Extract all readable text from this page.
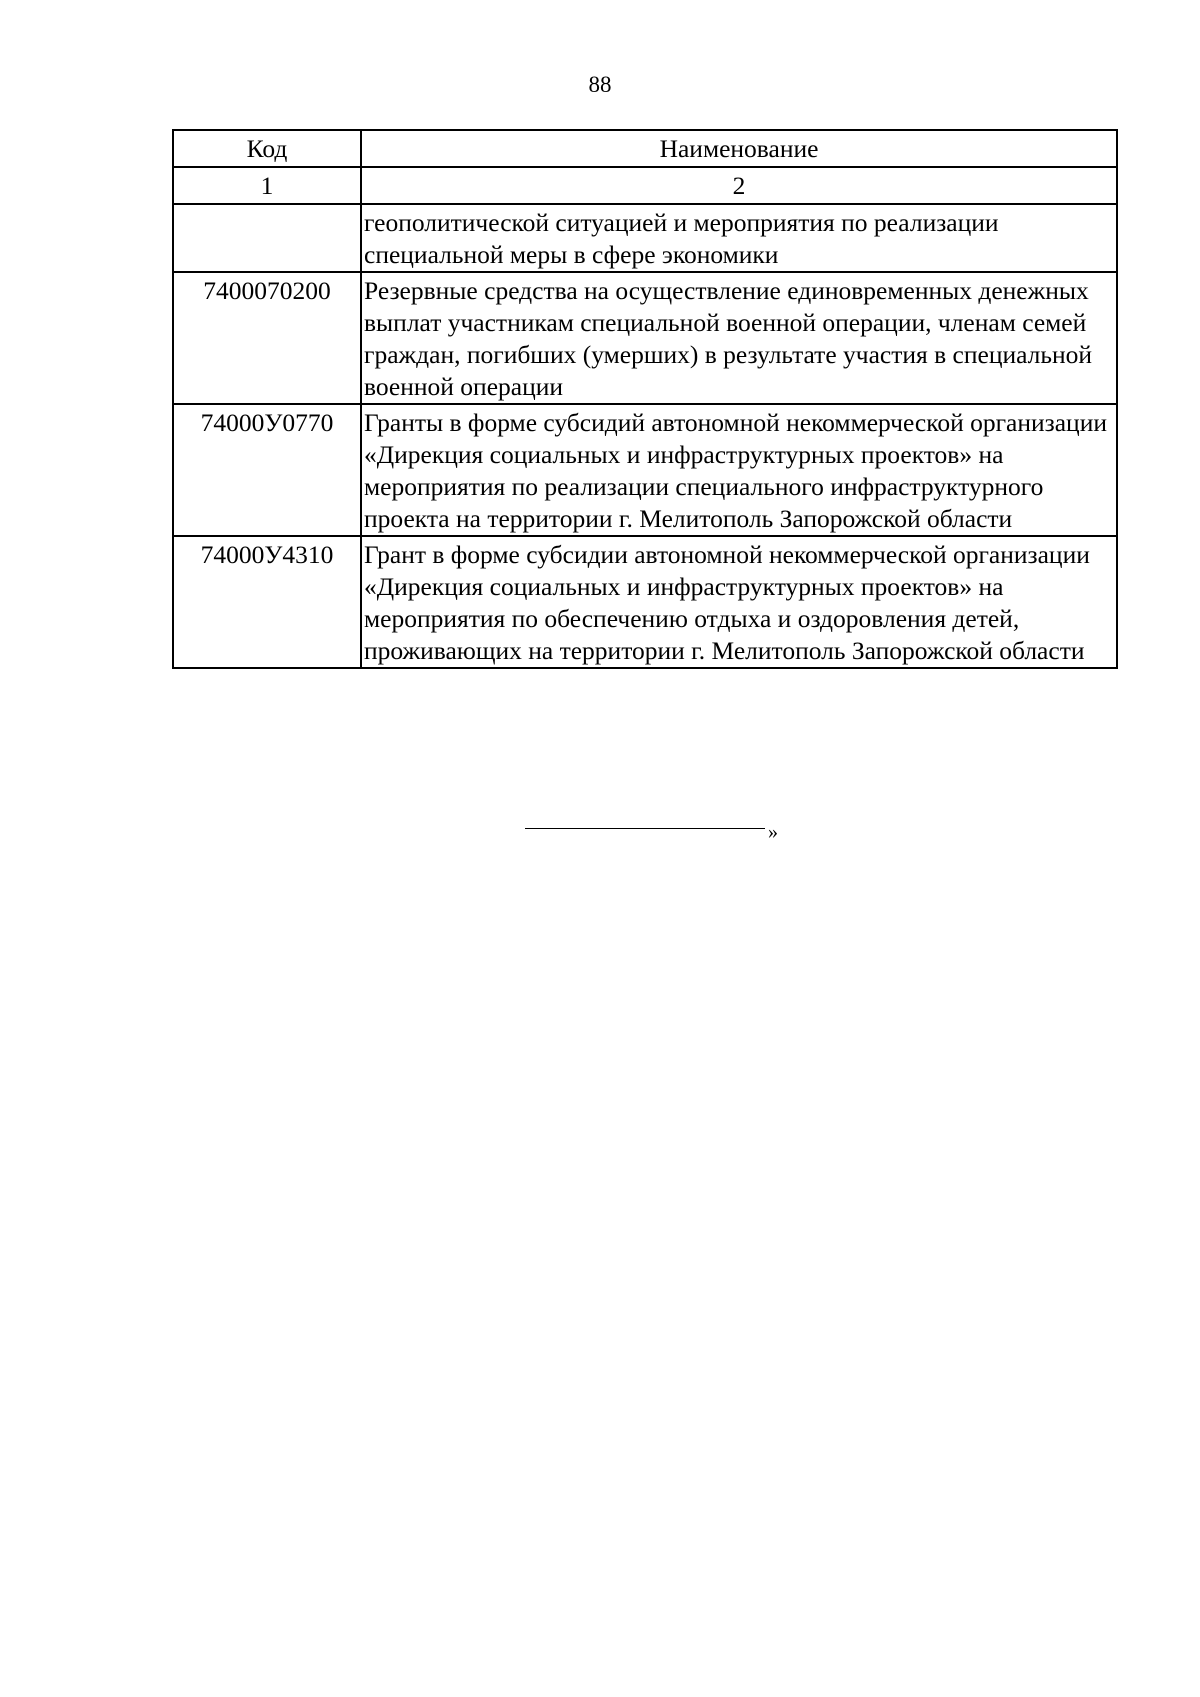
88
Код	Наименование
1	2
	геополитической ситуацией и мероприятия по реализации специальной меры в сфере экономики
7400070200	Резервные средства на осуществление единовременных денежных выплат участникам специальной военной операции, членам семей граждан, погибших (умерших) в результате участия в специальной военной операции
74000У0770	Гранты в форме субсидий автономной некоммерческой организации «Дирекция социальных и инфраструктурных проектов» на мероприятия по реализации специального инфраструктурного проекта на территории г. Мелитополь Запорожской области
74000У4310	Грант в форме субсидии автономной некоммерческой организации «Дирекция социальных и инфраструктурных проектов» на мероприятия по обеспечению отдыха и оздоровления детей, проживающих на территории г. Мелитополь Запорожской области
»
